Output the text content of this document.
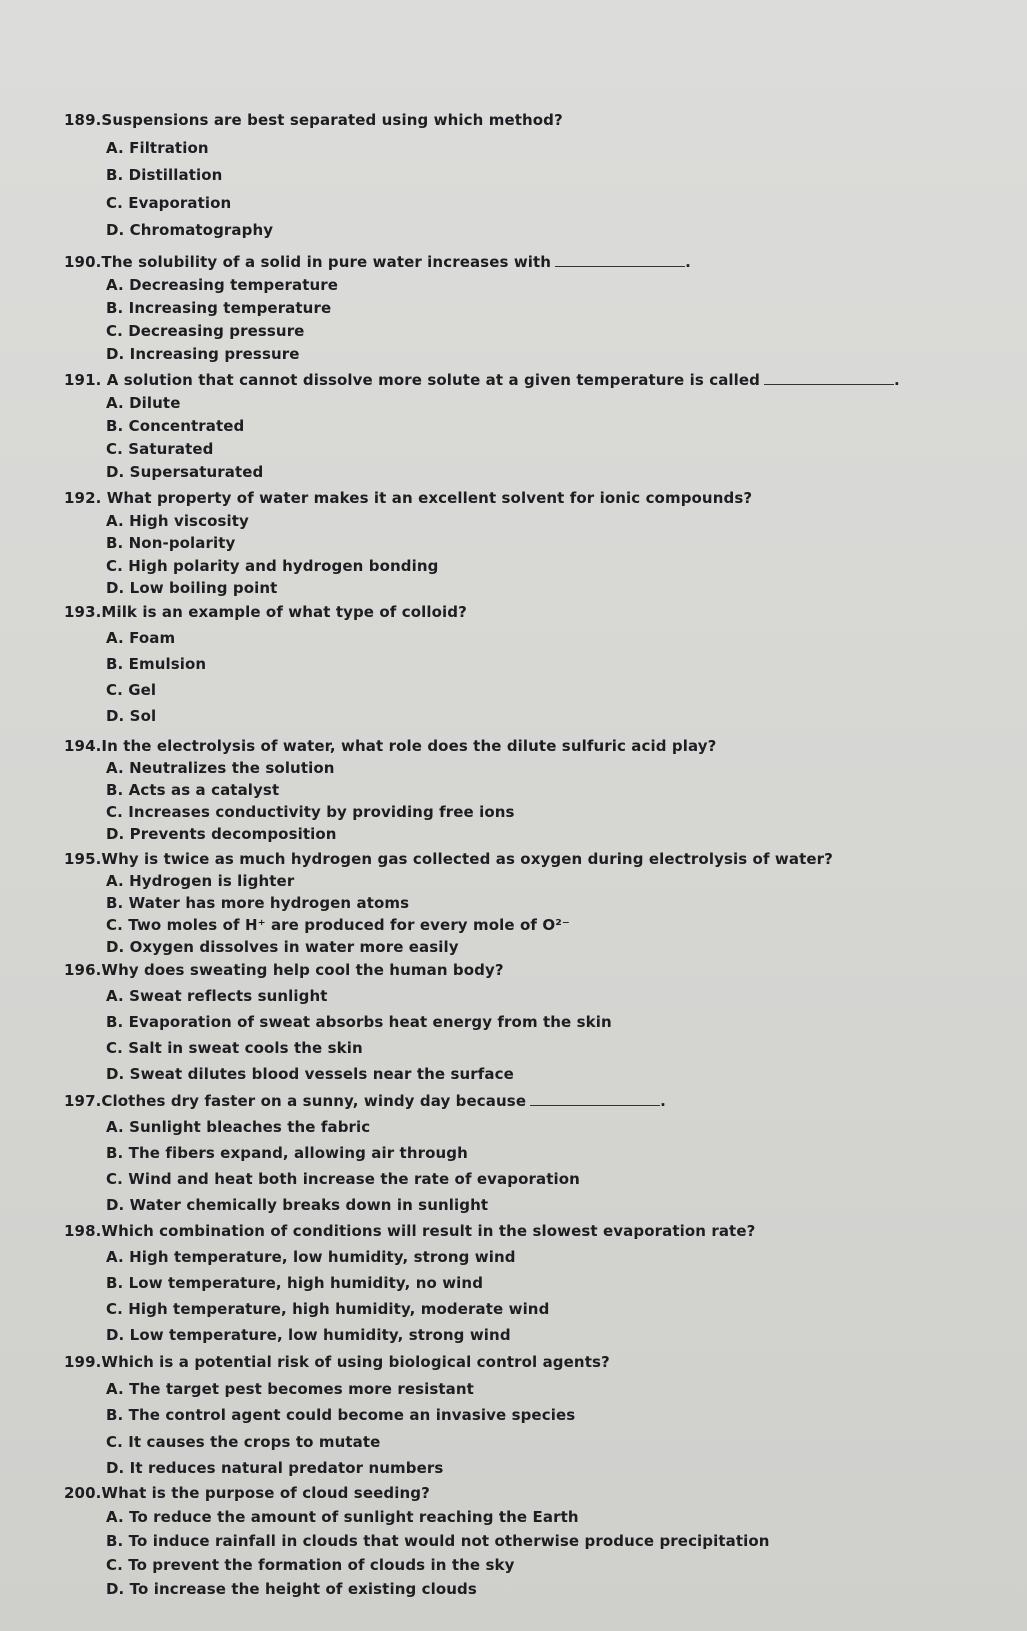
189.Suspensions are best separated using which method?
A. Filtration
B. Distillation
C. Evaporation
D. Chromatography
190.The solubility of a solid in pure water increases with	.
A. Decreasing temperature
B. Increasing temperature
C. Decreasing pressure
D. Increasing pressure
191. A solution that cannot dissolve more solute at a given temperature is called	.
A. Dilute
B. Concentrated
C. Saturated
D. Supersaturated
192. What property of water makes it an excellent solvent for ionic compounds?
A. High viscosity
B. Non-polarity
C. High polarity and hydrogen bonding
D. Low boiling point
193.Milk is an example of what type of colloid?
A. Foam
B. Emulsion
C. Gel
D. Sol
194.In the electrolysis of water, what role does the dilute sulfuric acid play?
A. Neutralizes the solution
B. Acts as a catalyst
C. Increases conductivity by providing free ions
D. Prevents decomposition
195.Why is twice as much hydrogen gas collected as oxygen during electrolysis of water?
A. Hydrogen is lighter
B. Water has more hydrogen atoms
C. Two moles of H⁺ are produced for every mole of O²⁻
D. Oxygen dissolves in water more easily
196.Why does sweating help cool the human body?
A. Sweat reflects sunlight
B. Evaporation of sweat absorbs heat energy from the skin
C. Salt in sweat cools the skin
D. Sweat dilutes blood vessels near the surface
197.Clothes dry faster on a sunny, windy day because	.
A. Sunlight bleaches the fabric
B. The fibers expand, allowing air through
C. Wind and heat both increase the rate of evaporation
D. Water chemically breaks down in sunlight
198.Which combination of conditions will result in the slowest evaporation rate?
A. High temperature, low humidity, strong wind
B. Low temperature, high humidity, no wind
C. High temperature, high humidity, moderate wind
D. Low temperature, low humidity, strong wind
199.Which is a potential risk of using biological control agents?
A. The target pest becomes more resistant
B. The control agent could become an invasive species
C. It causes the crops to mutate
D. It reduces natural predator numbers
200.What is the purpose of cloud seeding?
A. To reduce the amount of sunlight reaching the Earth
B. To induce rainfall in clouds that would not otherwise produce precipitation
C. To prevent the formation of clouds in the sky
D. To increase the height of existing clouds
